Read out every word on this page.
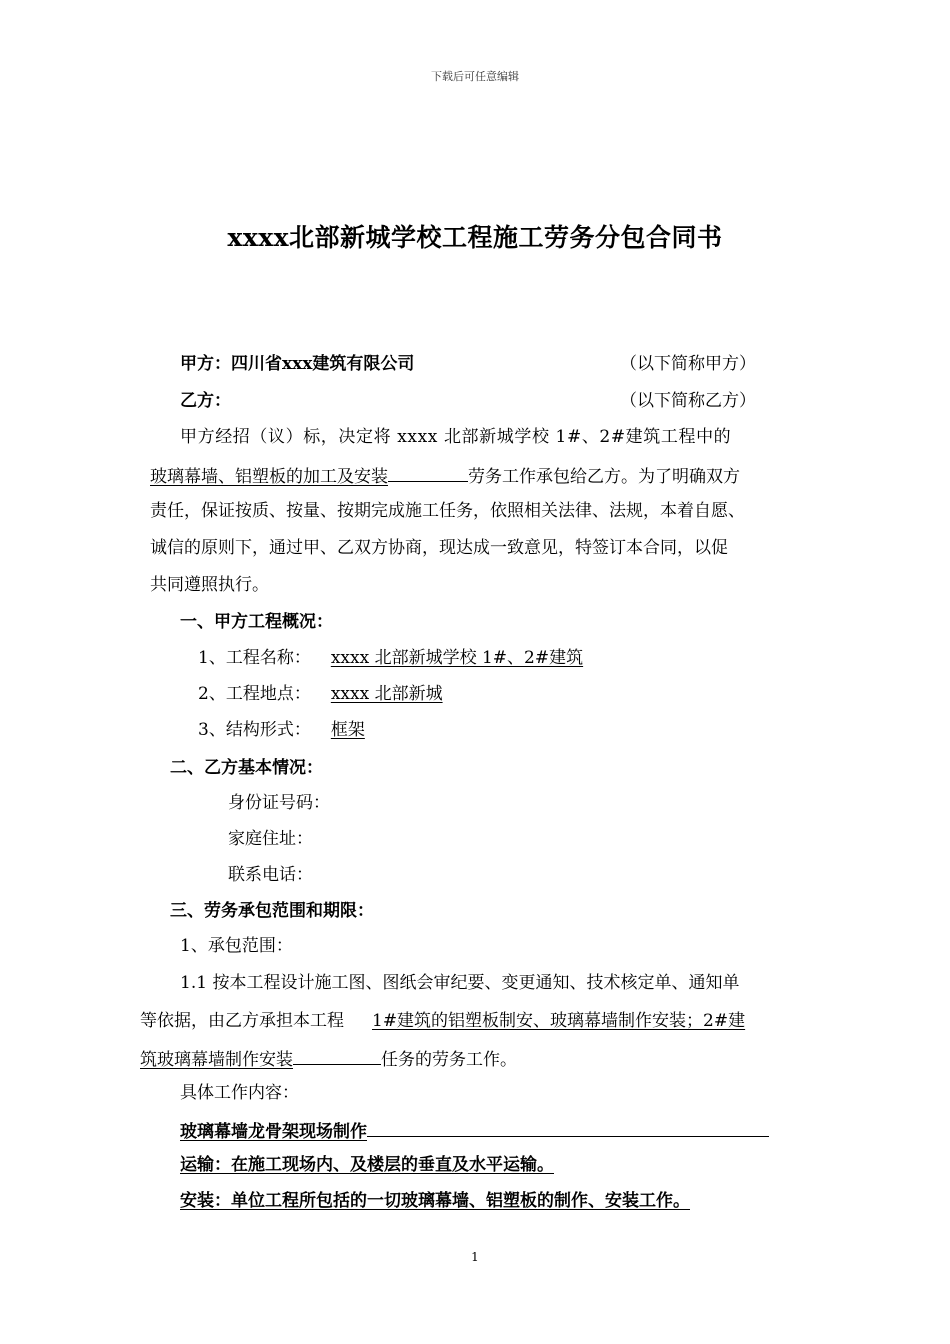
下载后可任意编辑
xxxx北部新城学校工程施工劳务分包合同书
甲方：四川省xxx建筑有限公司	（以下简称甲方）
乙方：	（以下简称乙方）
甲方经招（议）标，决定将 xxxx 北部新城学校 1#、2#建筑工程中的
玻璃幕墙、铝塑板的加工及安装	劳务工作承包给乙方。为了明确双方
责任，保证按质、按量、按期完成施工任务，依照相关法律、法规，本着自愿、
诚信的原则下，通过甲、乙双方协商，现达成一致意见，特签订本合同，以促
共同遵照执行。
一、甲方工程概况：
1、工程名称： xxxx 北部新城学校 1#、2#建筑
2、工程地点： xxxx 北部新城
3、结构形式： 框架
二、乙方基本情况：
身份证号码：
家庭住址：
联系电话：
三、劳务承包范围和期限：
1、承包范围：
1.1 按本工程设计施工图、图纸会审纪要、变更通知、技术核定单、通知单
等依据，由乙方承担本工程 1#建筑的铝塑板制安、玻璃幕墙制作安装；2#建
筑玻璃幕墙制作安装	任务的劳务工作。
具体工作内容：
玻璃幕墙龙骨架现场制作
运输：在施工现场内、及楼层的垂直及水平运输。
安装：单位工程所包括的一切玻璃幕墙、铝塑板的制作、安装工作。
1
